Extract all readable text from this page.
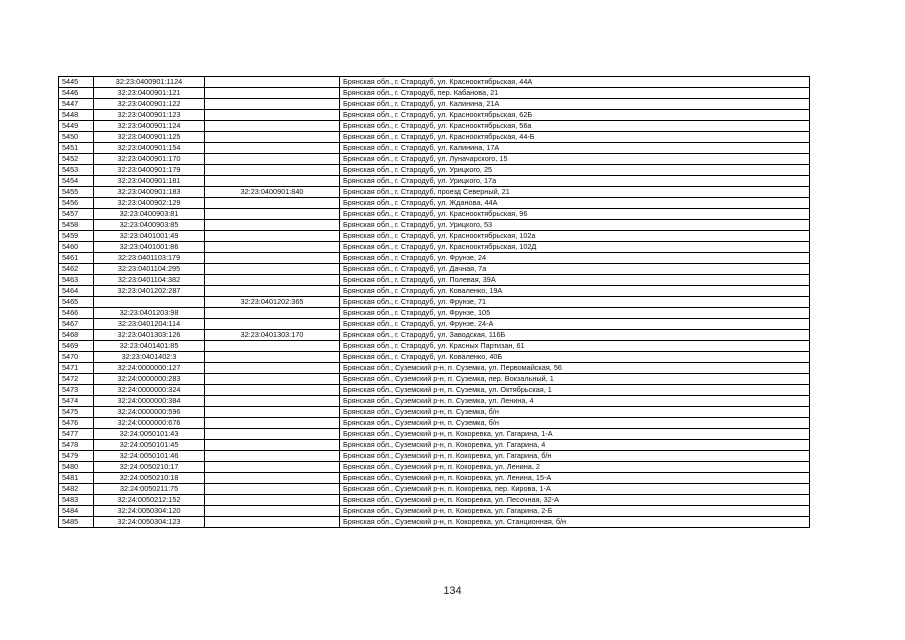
5445	32:23:0400901:1124		Брянская обл., г. Стародуб, ул. Краснооктябрьская, 44А
5446	32:23:0400901:121		Брянская обл., г. Стародуб, пер. Кабанова, 21
5447	32:23:0400901:122		Брянская обл., г. Стародуб, ул. Калинина, 21А
5448	32:23:0400901:123		Брянская обл., г. Стародуб, ул. Краснооктябрьская, 62Б
5449	32:23:0400901:124		Брянская обл., г. Стародуб, ул. Краснооктябрьская, 56а
5450	32:23:0400901:125		Брянская обл., г. Стародуб, ул. Краснооктябрьская, 44-Б
5451	32:23:0400901:154		Брянская обл., г. Стародуб, ул. Калинина, 17А
5452	32:23:0400901:170		Брянская обл., г. Стародуб, ул. Луначарского, 15
5453	32:23:0400901:179		Брянская обл., г. Стародуб, ул. Урицкого, 25
5454	32:23:0400901:181		Брянская обл., г. Стародуб, ул. Урицкого, 17а
5455	32:23:0400901:183	32:23:0400901:840	Брянская обл., г. Стародуб, проезд Северный, 21
5456	32:23:0400902:129		Брянская обл., г. Стародуб, ул. Жданова, 44А
5457	32:23:0400903:81		Брянская обл., г. Стародуб, ул. Краснооктябрьская, 96
5458	32:23:0400903:85		Брянская обл., г. Стародуб, ул. Урицкого, 53
5459	32:23:0401001:49		Брянская обл., г. Стародуб, ул. Краснооктябрьская, 102а
5460	32:23:0401001:86		Брянская обл., г. Стародуб, ул. Краснооктябрьская, 102Д
5461	32:23:0401103:179		Брянская обл., г. Стародуб, ул. Фрунзе, 24
5462	32:23:0401104:295		Брянская обл., г. Стародуб, ул. Дачная, 7а
5463	32:23:0401104:382		Брянская обл., г. Стародуб, ул. Полевая, 39А
5464	32:23:0401202:287		Брянская обл., г. Стародуб, ул. Коваленко, 19А
5465		32:23:0401202:365	Брянская обл., г. Стародуб, ул. Фрунзе, 71
5466	32:23:0401203:98		Брянская обл., г. Стародуб, ул. Фрунзе, 105
5467	32:23:0401204:114		Брянская обл., г. Стародуб, ул. Фрунзе, 24-А
5468	32:23:0401303:126	32:23:0401303:170	Брянская обл., г. Стародуб, ул. Заводская, 116Б
5469	32:23:0401401:85		Брянская обл., г. Стародуб, ул. Красных Партизан, 61
5470	32:23:0401402:3		Брянская обл., г. Стародуб, ул. Коваленко, 40Б
5471	32:24:0000000:127		Брянская обл., Суземский р-н, п. Суземка, ул. Первомайская, 56
5472	32:24:0000000:283		Брянская обл., Суземский р-н, п. Суземка, пер. Вокзальный, 1
5473	32:24:0000000:324		Брянская обл., Суземский р-н, п. Суземка, ул. Октябрьская, 1
5474	32:24:0000000:384		Брянская обл., Суземский р-н, п. Суземка, ул. Ленина, 4
5475	32:24:0000000:596		Брянская обл., Суземский р-н, п. Суземка, б/н
5476	32:24:0000000:676		Брянская обл., Суземский р-н, п. Суземка, б/н
5477	32:24:0050101:43		Брянская обл., Суземский р-н, п. Кокоревка, ул. Гагарина, 1-А
5478	32:24:0050101:45		Брянская обл., Суземский р-н, п. Кокоревка, ул. Гагарина, 4
5479	32:24:0050101:46		Брянская обл., Суземский р-н, п. Кокоревка, ул. Гагарина, б/н
5480	32:24:0050210:17		Брянская обл., Суземский р-н, п. Кокоревка, ул. Ленина, 2
5481	32:24:0050210:18		Брянская обл., Суземский р-н, п. Кокоревка, ул. Ленина, 15-А
5482	32:24:0050211:75		Брянская обл., Суземский р-н, п. Кокоревка, пер. Кирова, 1-А
5483	32:24:0050212:152		Брянская обл., Суземский р-н, п. Кокоревка, ул. Песочная, 32-А
5484	32:24:0050304:120		Брянская обл., Суземский р-н, п. Кокоревка, ул. Гагарина, 2-Б
5485	32:24:0050304:123		Брянская обл., Суземский р-н, п. Кокоревка, ул. Станционная, б/н
134
